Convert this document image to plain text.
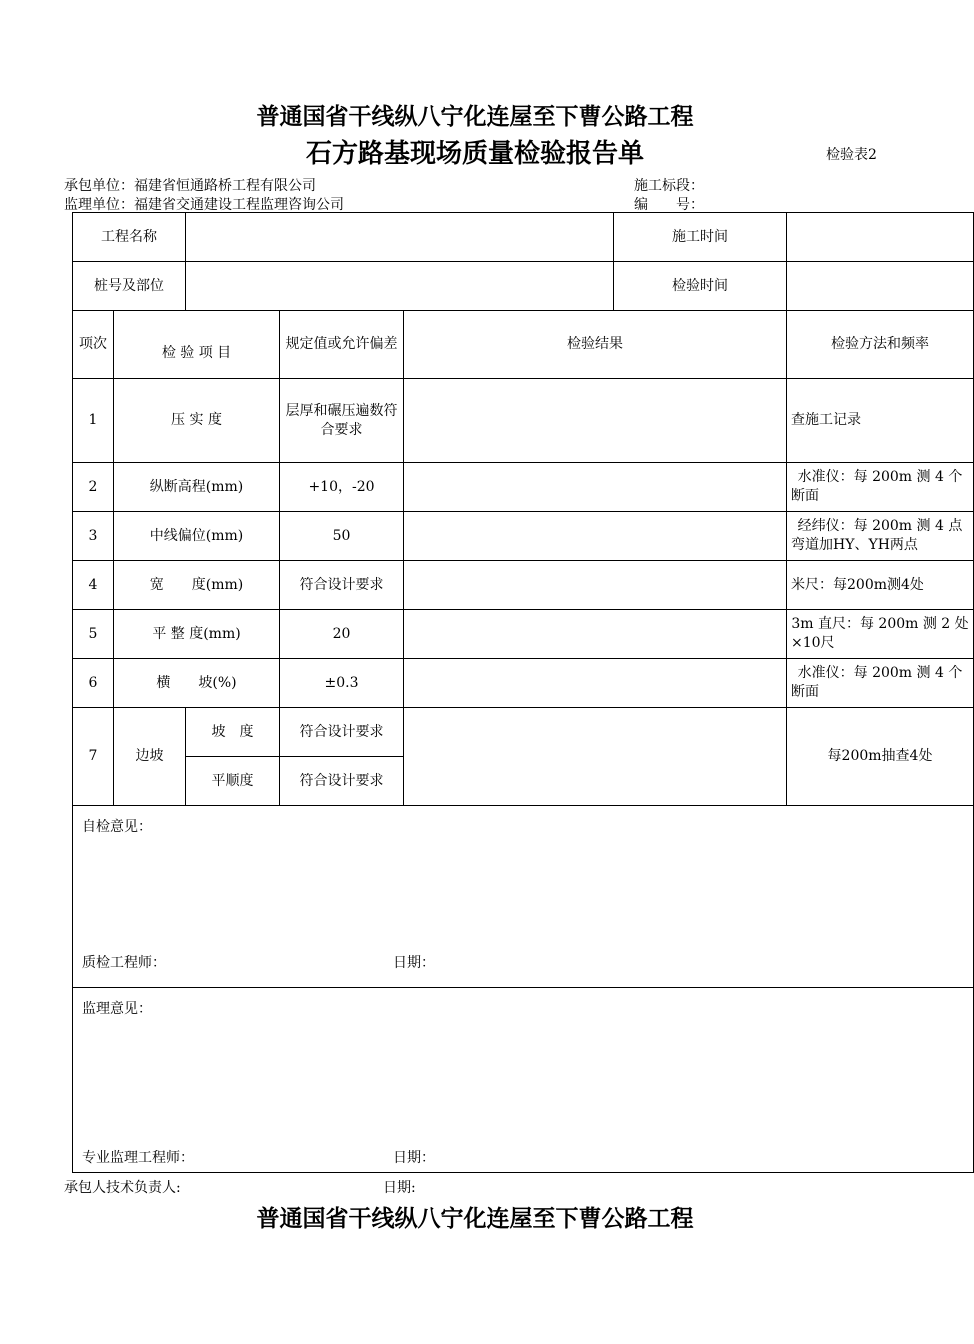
普通国省干线纵八宁化连屋至下曹公路工程
石方路基现场质量检验报告单	检验表2
承包单位：福建省恒通路桥工程有限公司	施工标段：
监理单位：福建省交通建设工程监理咨询公司	编　　号：
工程名称					施工时间	
桩号及部位					检验时间	
项次	检 验 项 目		规定值或允许偏差	检验结果		检验方法和频率
1	压 实 度		层厚和碾压遍数符合要求			查施工记录
2	纵断高程(mm)		+10，-20			水准仪：每 200m 测 4 个断面
3	中线偏位(mm)		50			经纬仪：每 200m 测 4 点弯道加HY、YH两点
4	宽　　度(mm)		符合设计要求			米尺：每200m测4处
5	平 整 度(mm)		20			3m 直尺：每 200m 测 2 处×10尺
6	横　　坡(%)		±0.3			水准仪：每 200m 测 4 个断面
7	边坡	坡　度	符合设计要求			每200m抽查4处
		平顺度	符合设计要求			

自检意见：
质检工程师： 日期：						

监理意见：
专业监理工程师： 日期：						
承包人技术负责人:	日期:
普通国省干线纵八宁化连屋至下曹公路工程
